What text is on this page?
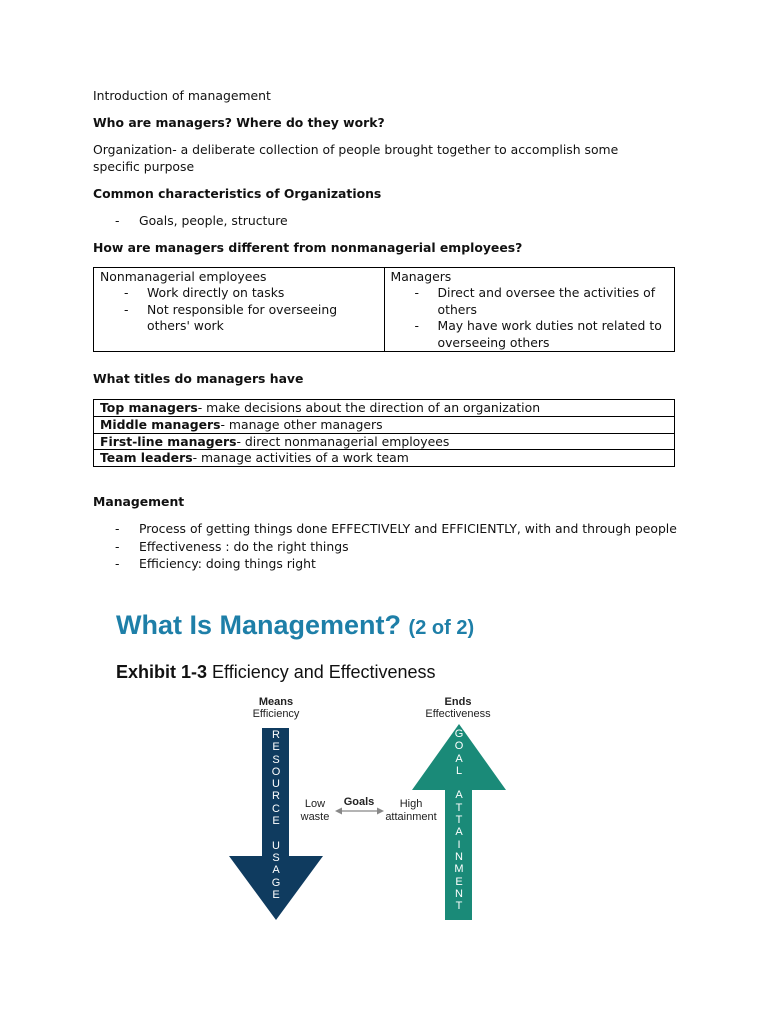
Introduction of management

Who are managers? Where do they work?

Organization- a deliberate collection of people brought together to accomplish some specific purpose

Common characteristics of Organizations

- Goals, people, structure

How are managers different from nonmanagerial employees?

Nonmanagerial employees
- Work directly on tasks
- Not responsible for overseeing others' work

Managers
- Direct and oversee the activities of others
- May have work duties not related to overseeing others

What titles do managers have

Top managers- make decisions about the direction of an organization
Middle managers- manage other managers
First-line managers- direct nonmanagerial employees
Team leaders- manage activities of a work team

Management

- Process of getting things done EFFECTIVELY and EFFICIENTLY, with and through people
- Effectiveness : do the right things
- Efficiency: doing things right
What Is Management? (2 of 2)
Exhibit 1-3 Efficiency and Effectiveness
Means
Efficiency
Ends
Effectiveness
Low
waste
Goals	High
attainment
R
E
S
O
U
R
C
E
U
S
A
G
E
G
O
A
L
A
T
T
A
I
N
M
E
N
T
